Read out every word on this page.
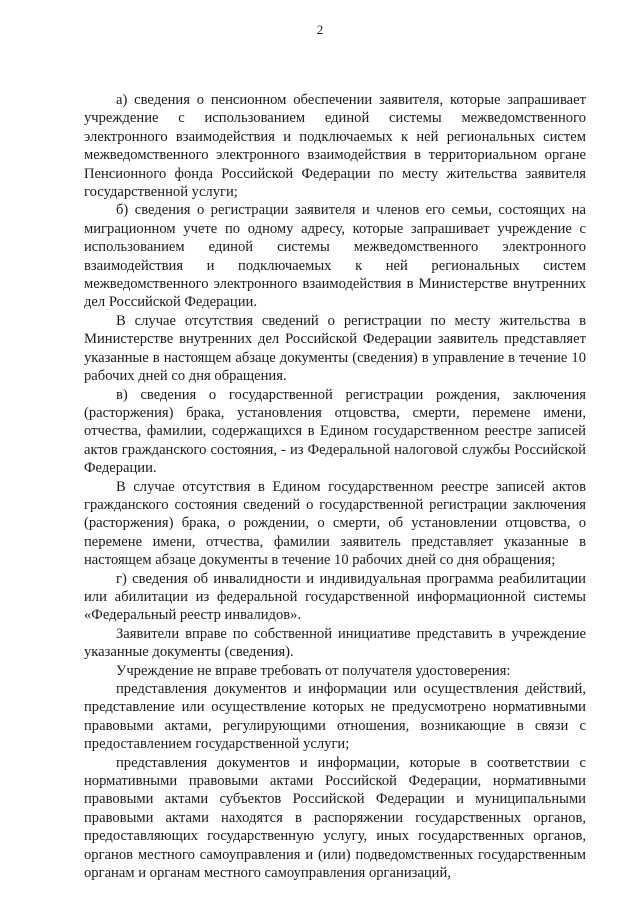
2

а) сведения о пенсионном обеспечении заявителя, которые запрашивает учреждение с использованием единой системы межведомственного электронного взаимодействия и подключаемых к ней региональных систем межведомственного электронного взаимодействия в территориальном органе Пенсионного фонда Российской Федерации по месту жительства заявителя государственной услуги;

б) сведения о регистрации заявителя и членов его семьи, состоящих на миграционном учете по одному адресу, которые запрашивает учреждение с использованием единой системы межведомственного электронного взаимодействия и подключаемых к ней региональных систем межведомственного электронного взаимодействия в Министерстве внутренних дел Российской Федерации.

В случае отсутствия сведений о регистрации по месту жительства в Министерстве внутренних дел Российской Федерации заявитель представляет указанные в настоящем абзаце документы (сведения) в управление в течение 10 рабочих дней со дня обращения.

в) сведения о государственной регистрации рождения, заключения (расторжения) брака, установления отцовства, смерти, перемене имени, отчества, фамилии, содержащихся в Едином государственном реестре записей актов гражданского состояния, - из Федеральной налоговой службы Российской Федерации.

В случае отсутствия в Едином государственном реестре записей актов гражданского состояния сведений о государственной регистрации заключения (расторжения) брака, о рождении, о смерти, об установлении отцовства, о перемене имени, отчества, фамилии заявитель представляет указанные в настоящем абзаце документы в течение 10 рабочих дней со дня обращения;

г) сведения об инвалидности и индивидуальная программа реабилитации или абилитации из федеральной государственной информационной системы «Федеральный реестр инвалидов».

Заявители вправе по собственной инициативе представить в учреждение указанные документы (сведения).

Учреждение не вправе требовать от получателя удостоверения:

представления документов и информации или осуществления действий, представление или осуществление которых не предусмотрено нормативными правовыми актами, регулирующими отношения, возникающие в связи с предоставлением государственной услуги;

представления документов и информации, которые в соответствии с нормативными правовыми актами Российской Федерации, нормативными правовыми актами субъектов Российской Федерации и муниципальными правовыми актами находятся в распоряжении государственных органов, предоставляющих государственную услугу, иных государственных органов, органов местного самоуправления и (или) подведомственных государственным органам и органам местного самоуправления организаций,
